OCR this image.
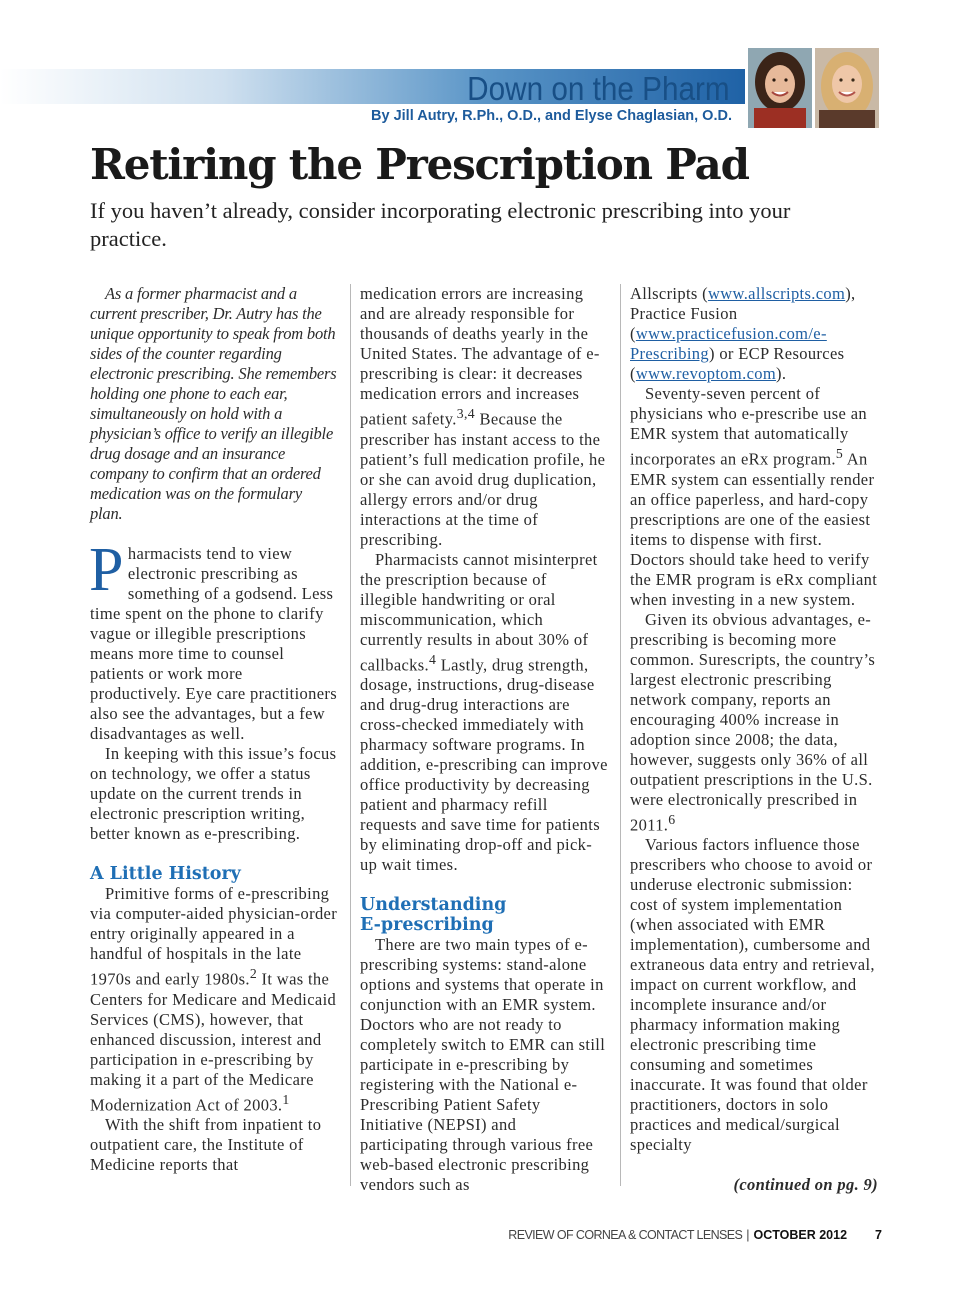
Down on the Pharm
By Jill Autry, R.Ph., O.D., and Elyse Chaglasian, O.D.
Retiring the Prescription Pad

If you haven’t already, consider incorporating electronic prescribing into your practice.

As a former pharmacist and a current prescriber, Dr. Autry has the unique opportunity to speak from both sides of the counter regarding electronic prescribing. She remembers holding one phone to each ear, simultaneously on hold with a physician’s office to verify an illegible drug dosage and an insurance company to confirm that an ordered medication was on the formulary plan.

Pharmacists tend to view electronic prescribing as something of a godsend. Less time spent on the phone to clarify vague or illegible prescriptions means more time to counsel patients or work more productively. Eye care practitioners also see the advantages, but a few disadvantages as well.

In keeping with this issue’s focus on technology, we offer a status update on the current trends in electronic prescription writing, better known as e-prescribing.

A Little History

Primitive forms of e-prescribing via computer-aided physician-order entry originally appeared in a handful of hospitals in the late 1970s and early 1980s.$^2$ It was the Centers for Medicare and Medicaid Services (CMS), however, that enhanced discussion, interest and participation in e-prescribing by making it a part of the Medicare Modernization Act of 2003.$^1$

With the shift from inpatient to outpatient care, the Institute of Medicine reports that

medication errors are increasing and are already responsible for thousands of deaths yearly in the United States. The advantage of e-prescribing is clear: it decreases medication errors and increases patient safety.$^{3,4}$ Because the prescriber has instant access to the patient’s full medication profile, he or she can avoid drug duplication, allergy errors and/or drug interactions at the time of prescribing.

Pharmacists cannot misinterpret the prescription because of illegible handwriting or oral miscommunication, which currently results in about 30% of callbacks.$^4$ Lastly, drug strength, dosage, instructions, drug-disease and drug-drug interactions are cross-checked immediately with pharmacy software programs. In addition, e-prescribing can improve office productivity by decreasing patient and pharmacy refill requests and save time for patients by eliminating drop-off and pick-up wait times.

Understanding
E-prescribing

There are two main types of e-prescribing systems: stand-alone options and systems that operate in conjunction with an EMR system. Doctors who are not ready to completely switch to EMR can still participate in e-prescribing by registering with the National e-Prescribing Patient Safety Initiative (NEPSI) and participating through various free web-based electronic prescribing vendors such as

Allscripts (www.allscripts.com), Practice Fusion (www.practicefusion.com/e-Prescribing) or ECP Resources (www.revoptom.com).

Seventy-seven percent of physicians who e-prescribe use an EMR system that automatically incorporates an eRx program.$^5$ An EMR system can essentially render an office paperless, and hard-copy prescriptions are one of the easiest items to dispense with first. Doctors should take heed to verify the EMR program is eRx compliant when investing in a new system.

Given its obvious advantages, e-prescribing is becoming more common. Surescripts, the country’s largest electronic prescribing network company, reports an encouraging 400% increase in adoption since 2008; the data, however, suggests only 36% of all outpatient prescriptions in the U.S. were electronically prescribed in 2011.$^6$

Various factors influence those prescribers who choose to avoid or underuse electronic submission: cost of system implementation (when associated with EMR implementation), cumbersome and extraneous data entry and retrieval, impact on current workflow, and incomplete insurance and/or pharmacy information making electronic prescribing time consuming and sometimes inaccurate. It was found that older practitioners, doctors in solo practices and medical/surgical specialty

(continued on pg. 9)

REVIEW OF CORNEA & CONTACT LENSES | OCTOBER 2012 7
